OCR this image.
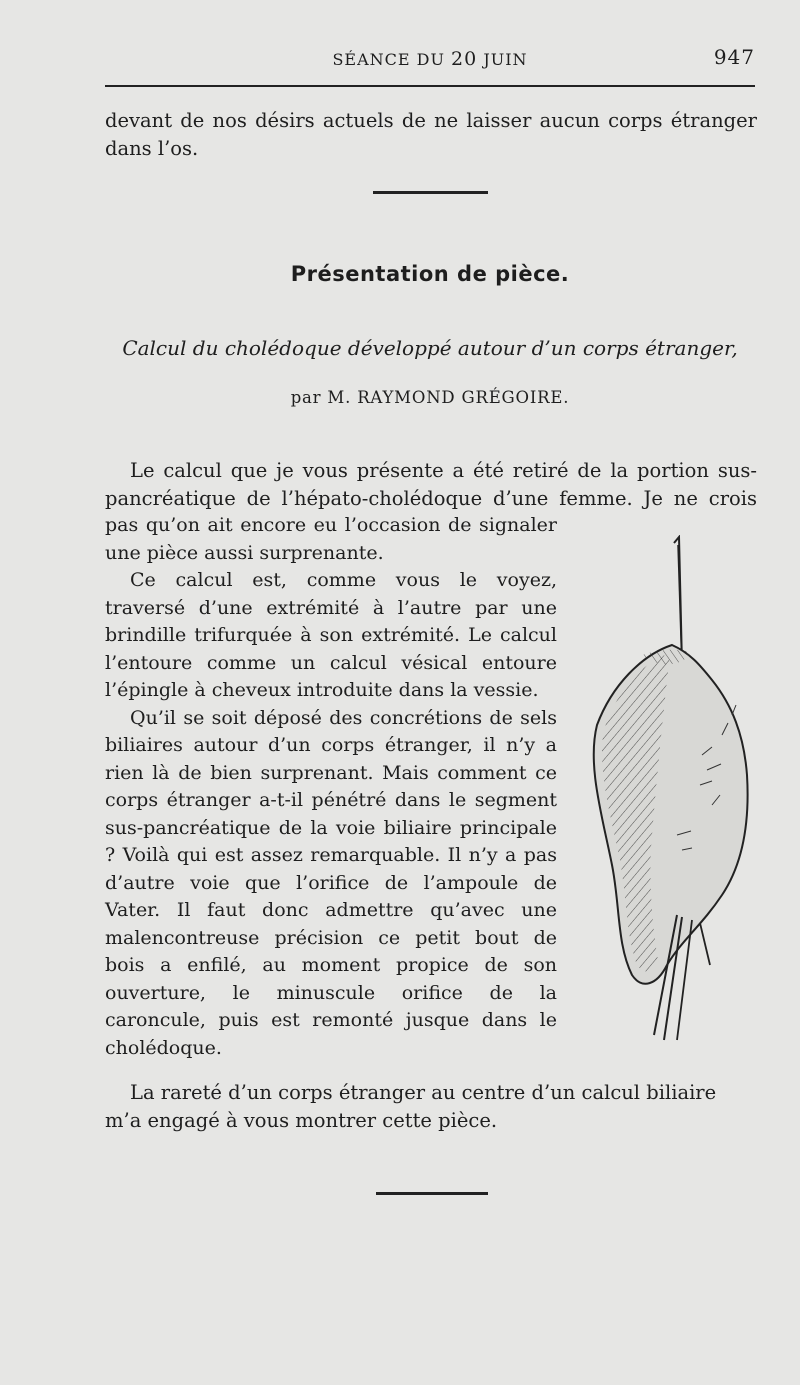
SÉANCE DU 20 JUIN	947

devant de nos désirs actuels de ne laisser aucun corps étranger

dans l’os.

Présentation de pièce.
Calcul du cholédoque développé autour d’un corps étranger,
par M. RAYMOND GRÉGOIRE.

Le calcul que je vous présente a été retiré de la portion sus-pancréatique de l’hépato-cholédoque d’une femme. Je ne crois

pas qu’on ait encore eu l’occasion de signaler une pièce aussi surprenante.

Ce calcul est, comme vous le voyez, traversé d’une extrémité à l’autre par une brindille trifurquée à son extrémité. Le calcul l’entoure comme un calcul vésical entoure l’épingle à cheveux introduite dans la vessie.

Qu’il se soit déposé des concrétions de sels biliaires autour d’un corps étranger, il n’y a rien là de bien surprenant. Mais comment ce corps étranger a-t-il pénétré dans le segment sus-pancréatique de la voie biliaire principale ? Voilà qui est assez remarquable. Il n’y a pas d’autre voie que l’orifice de l’ampoule de Vater. Il faut donc admettre qu’avec une malencontreuse précision ce petit bout de bois a enfilé, au moment propice de son ouverture, le minuscule orifice de la caroncule, puis est remonté jusque dans le cholédoque.

La rareté d’un corps étranger au centre d’un calcul biliaire m’a engagé à vous montrer cette pièce.
